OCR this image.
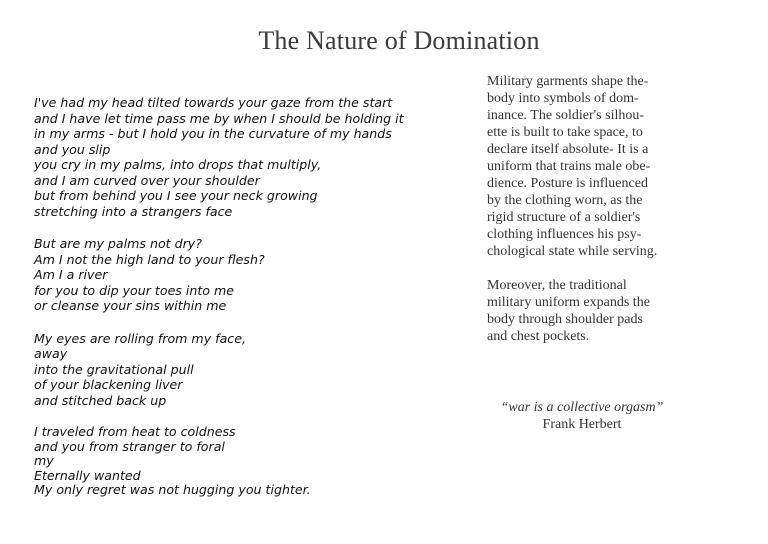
The Nature of Domination
I've had my head tilted towards your gaze from the start
and I have let time pass me by when I should be holding it
in my arms - but I hold you in the curvature of my hands
and you slip
you cry in my palms, into drops that multiply,
and I am curved over your shoulder
but from behind you I see your neck growing
stretching into a strangers face
But are my palms not dry?
Am I not the high land to your flesh?
Am I a river
for you to dip your toes into me
or cleanse your sins within me
My eyes are rolling from my face,
away
into the gravitational pull
of your blackening liver
and stitched back up
I traveled from heat to coldness
and you from stranger to foral
my
Eternally wanted
My only regret was not hugging you tighter.
Military garments shape the-
body into symbols of dom-
inance. The soldier's silhou-
ette is built to take space, to
declare itself absolute- It is a
uniform that trains male obe-
dience. Posture is influenced
by the clothing worn, as the
rigid structure of a soldier's
clothing influences his psy-
chological state while serving.
Moreover, the traditional
military uniform expands the
body through shoulder pads
and chest pockets.
“war is a collective orgasm”
Frank Herbert
